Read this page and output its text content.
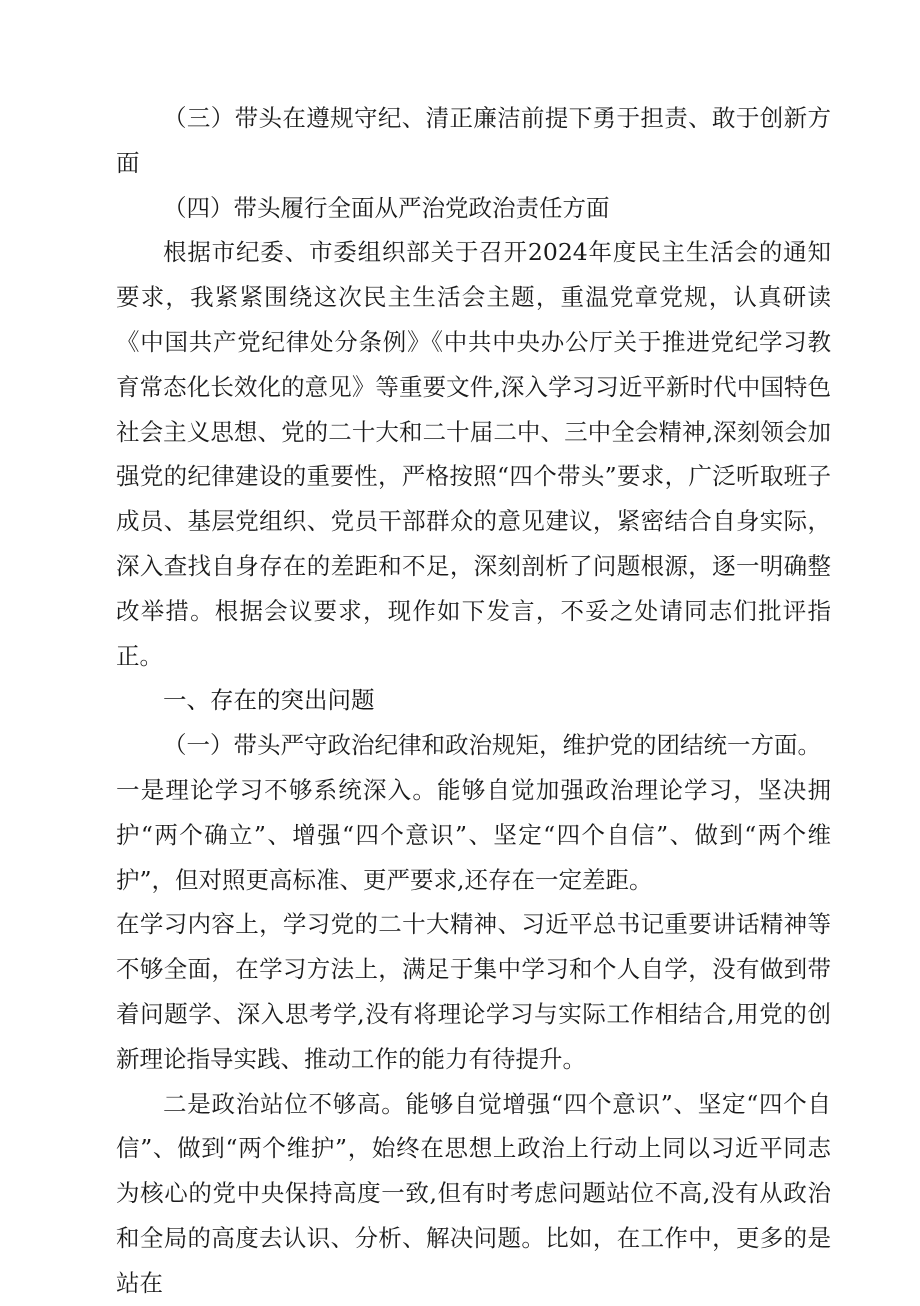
（三）带头在遵规守纪、清正廉洁前提下勇于担责、敢于创新方面

（四）带头履行全面从严治党政治责任方面

根据市纪委、市委组织部关于召开2024年度民主生活会的通知要求，我紧紧围绕这次民主生活会主题，重温党章党规，认真研读《中国共产党纪律处分条例》《中共中央办公厅关于推进党纪学习教育常态化长效化的意见》等重要文件,深入学习习近平新时代中国特色社会主义思想、党的二十大和二十届二中、三中全会精神,深刻领会加强党的纪律建设的重要性，严格按照“四个带头”要求，广泛听取班子成员、基层党组织、党员干部群众的意见建议，紧密结合自身实际，深入查找自身存在的差距和不足，深刻剖析了问题根源，逐一明确整改举措。根据会议要求，现作如下发言，不妥之处请同志们批评指正。

一、存在的突出问题

（一）带头严守政治纪律和政治规矩，维护党的团结统一方面。

一是理论学习不够系统深入。能够自觉加强政治理论学习，坚决拥护“两个确立”、增强“四个意识”、坚定“四个自信”、做到“两个维护”，但对照更高标准、更严要求,还存在一定差距。

在学习内容上，学习党的二十大精神、习近平总书记重要讲话精神等不够全面，在学习方法上，满足于集中学习和个人自学，没有做到带着问题学、深入思考学,没有将理论学习与实际工作相结合,用党的创新理论指导实践、推动工作的能力有待提升。

二是政治站位不够高。能够自觉增强“四个意识”、坚定“四个自信”、做到“两个维护”，始终在思想上政治上行动上同以习近平同志为核心的党中央保持高度一致,但有时考虑问题站位不高,没有从政治和全局的高度去认识、分析、解决问题。比如，在工作中，更多的是站在
